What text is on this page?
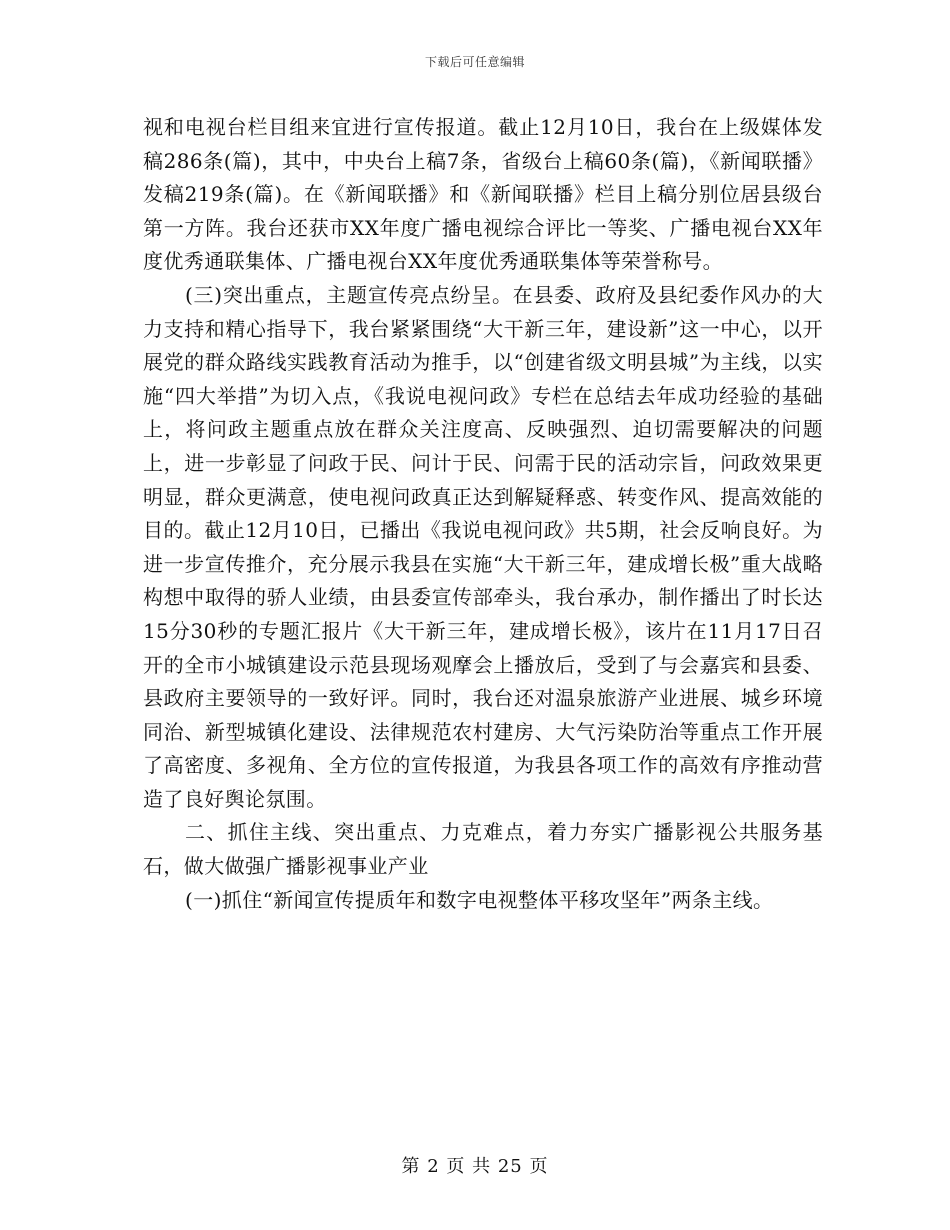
下载后可任意编辑

视和电视台栏目组来宜进行宣传报道。截止12月10日，我台在上级媒体发稿286条(篇)，其中，中央台上稿7条，省级台上稿60条(篇)，《新闻联播》发稿219条(篇)。在《新闻联播》和《新闻联播》栏目上稿分别位居县级台第一方阵。我台还获市XX年度广播电视综合评比一等奖、广播电视台XX年度优秀通联集体、广播电视台XX年度优秀通联集体等荣誉称号。

(三)突出重点，主题宣传亮点纷呈。在县委、政府及县纪委作风办的大力支持和精心指导下，我台紧紧围绕“大干新三年，建设新”这一中心，以开展党的群众路线实践教育活动为推手，以“创建省级文明县城”为主线，以实施“四大举措”为切入点，《我说电视问政》专栏在总结去年成功经验的基础上，将问政主题重点放在群众关注度高、反映强烈、迫切需要解决的问题上，进一步彰显了问政于民、问计于民、问需于民的活动宗旨，问政效果更明显，群众更满意，使电视问政真正达到解疑释惑、转变作风、提高效能的目的。截止12月10日，已播出《我说电视问政》共5期，社会反响良好。为进一步宣传推介，充分展示我县在实施“大干新三年，建成增长极”重大战略构想中取得的骄人业绩，由县委宣传部牵头，我台承办，制作播出了时长达15分30秒的专题汇报片《大干新三年，建成增长极》，该片在11月17日召开的全市小城镇建设示范县现场观摩会上播放后，受到了与会嘉宾和县委、县政府主要领导的一致好评。同时，我台还对温泉旅游产业进展、城乡环境同治、新型城镇化建设、法律规范农村建房、大气污染防治等重点工作开展了高密度、多视角、全方位的宣传报道，为我县各项工作的高效有序推动营造了良好舆论氛围。

二、抓住主线、突出重点、力克难点，着力夯实广播影视公共服务基石，做大做强广播影视事业产业

(一)抓住“新闻宣传提质年和数字电视整体平移攻坚年”两条主线。

第 2 页 共 25 页
